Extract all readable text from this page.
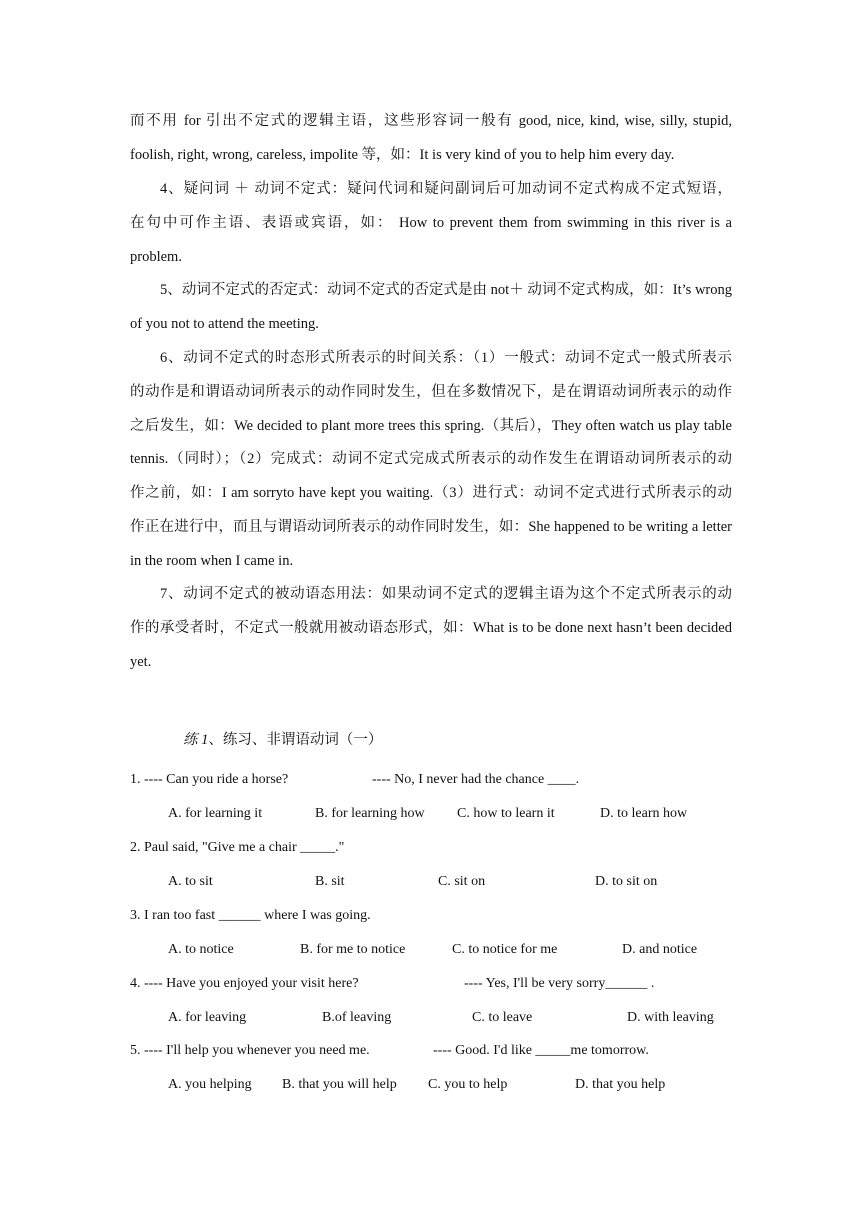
而不用 for 引出不定式的逻辑主语，这些形容词一般有 good, nice, kind, wise, silly, stupid,
foolish, right, wrong, careless, impolite 等，如：It is very kind of you to help him every day.
4、疑问词 ＋ 动词不定式：疑问代词和疑问副词后可加动词不定式构成不定式短语，
在句中可作主语、表语或宾语，如： How to prevent them from swimming in this river is a
problem.
5、动词不定式的否定式：动词不定式的否定式是由 not＋ 动词不定式构成，如：It’s wrong
of you not to attend the meeting.
6、动词不定式的时态形式所表示的时间关系：（1）一般式：动词不定式一般式所表示
的动作是和谓语动词所表示的动作同时发生，但在多数情况下，是在谓语动词所表示的动作
之后发生，如：We decided to plant more trees this spring.（其后），They often watch us play table
tennis.（同时）；（2）完成式：动词不定式完成式所表示的动作发生在谓语动词所表示的动
作之前，如：I am sorryto have kept you waiting.（3）进行式：动词不定式进行式所表示的动
作正在进行中，而且与谓语动词所表示的动作同时发生，如：She happened to be writing a letter
in the room when I came in.
7、动词不定式的被动语态用法：如果动词不定式的逻辑主语为这个不定式所表示的动
作的承受者时，不定式一般就用被动语态形式，如：What is to be done next hasn’t been decided
yet.
练 1、练习、非谓语动词（一）
1. ---- Can you ride a horse?	---- No, I never had the chance ____.
A. for learning it	B. for learning how C. how to learn it	D. to learn how
2. Paul said, "Give me a chair _____."
A. to sit	B. sit	C. sit on	D. to sit on
3. I ran too fast ______ where I was going.
A. to notice	B. for me to notice	C. to notice for me	D. and notice
4. ---- Have you enjoyed your visit here?	---- Yes, I'll be very sorry______ .
A. for leaving	B.of leaving	C. to leave	D. with leaving
5. ---- I'll help you whenever you need me.	---- Good. I'd like _____me tomorrow.
A. you helping B. that you will help C. you to help	D. that you help
